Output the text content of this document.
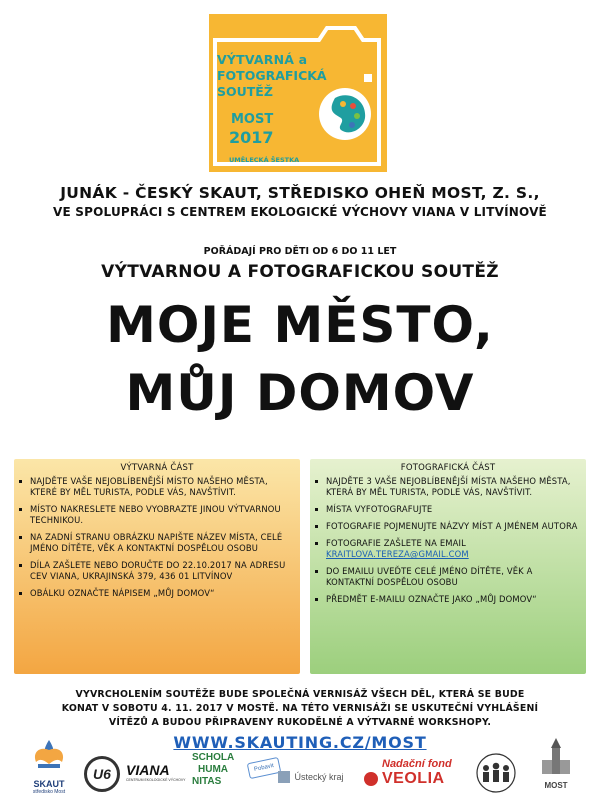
VÝTVARNÁ a
FOTOGRAFICKÁ
SOUTĚŽ
MOST
2017
UMĚLECKÁ ŠESTKA
JUNÁK - ČESKÝ SKAUT, STŘEDISKO OHEŇ MOST, Z. S.,
VE SPOLUPRÁCI S CENTREM EKOLOGICKÉ VÝCHOVY VIANA V LITVÍNOVĚ
POŘÁDAJÍ PRO DĚTI OD 6 DO 11 LET
VÝTVARNOU A FOTOGRAFICKOU SOUTĚŽ
MOJE MĚSTO,
MŮJ DOMOV
VÝTVARNÁ ČÁST
NAJDĚTE VAŠE NEJOBLÍBENĚJŠÍ MÍSTO NAŠEHO MĚSTA, KTERÉ BY MĚL TURISTA, PODLE VÁS, NAVŠTÍVIT.
MÍSTO NAKRESLETE NEBO VYOBRAZTE JINOU VÝTVARNOU TECHNIKOU.
NA ZADNÍ STRANU OBRÁZKU NAPIŠTE NÁZEV MÍSTA, CELÉ JMÉNO DÍTĚTE, VĚK A KONTAKTNÍ DOSPĚLOU OSOBU
DÍLA ZAŠLETE NEBO DORUČTE DO 22.10.2017 NA ADRESU CEV VIANA, UKRAJINSKÁ 379, 436 01 LITVÍNOV
OBÁLKU OZNAČTE NÁPISEM „MŮJ DOMOV“
FOTOGRAFICKÁ ČÁST
NAJDĚTE 3 VAŠE NEJOBLÍBENĚJŠÍ MÍSTA NAŠEHO MĚSTA, KTERÁ BY MĚL TURISTA, PODLE VÁS, NAVŠTÍVIT.
MÍSTA VYFOTOGRAFUJTE
FOTOGRAFIE POJMENUJTE NÁZVY MÍST A JMÉNEM AUTORA
FOTOGRAFIE ZAŠLETE NA EMAIL
KRAITLOVA.TEREZA@GMAIL.COM
DO EMAILU UVEĎTE CELÉ JMÉNO DÍTĚTE, VĚK A KONTAKTNÍ DOSPĚLOU OSOBU
PŘEDMĚT E-MAILU OZNAČTE JAKO „MŮJ DOMOV“
VYVRCHOLENÍM SOUTĚŽE BUDE SPOLEČNÁ VERNISÁŽ VŠECH DĚL, KTERÁ SE BUDE
KONAT V SOBOTU 4. 11. 2017 V MOSTĚ. NA TÉTO VERNISÁŽI SE USKUTEČNÍ VYHLÁŠENÍ
VÍTĚZŮ A BUDOU PŘIPRAVENY RUKODĚLNÉ A VÝTVARNÉ WORKSHOPY.
WWW.SKAUTING.CZ/MOST
SKAUT
středisko Most
U6	VIANA
CENTRUM EKOLOGICKÉ VÝCHOVY
SCHOLA
HUMA
NITAS
Pobavit
Ústecký kraj
Nadační fond
VEOLIA	MOST
